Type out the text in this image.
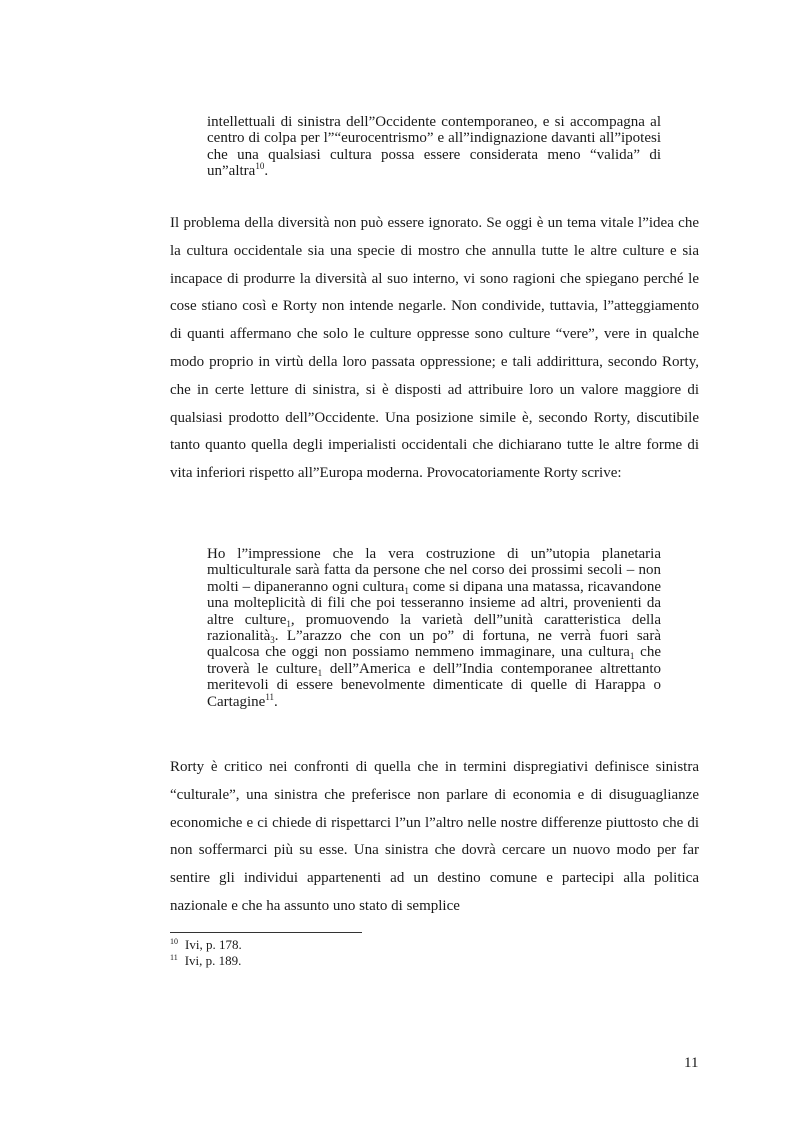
intellettuali di sinistra dell”Occidente contemporaneo, e si accompagna al centro di colpa per l”“eurocentrismo” e all”indignazione davanti all”ipotesi che una qualsiasi cultura possa essere considerata meno “valida” di un”altra$^{10}$.

Il problema della diversità non può essere ignorato. Se oggi è un tema vitale l”idea che la cultura occidentale sia una specie di mostro che annulla tutte le altre culture e sia incapace di produrre la diversità al suo interno, vi sono ragioni che spiegano perché le cose stiano così e Rorty non intende negarle. Non condivide, tuttavia, l”atteggiamento di quanti affermano che solo le culture oppresse sono culture “vere”, vere in qualche modo proprio in virtù della loro passata oppressione; e tali addirittura, secondo Rorty, che in certe letture di sinistra, si è disposti ad attribuire loro un valore maggiore di qualsiasi prodotto dell”Occidente. Una posizione simile è, secondo Rorty, discutibile tanto quanto quella degli imperialisti occidentali che dichiarano tutte le altre forme di vita inferiori rispetto all”Europa moderna. Provocatoriamente Rorty scrive:

Ho l”impressione che la vera costruzione di un”utopia planetaria multiculturale sarà fatta da persone che nel corso dei prossimi secoli – non molti – dipaneranno ogni cultura$_1$ come si dipana una matassa, ricavandone una molteplicità di fili che poi tesseranno insieme ad altri, provenienti da altre culture$_1$, promuovendo la varietà dell”unità caratteristica della razionalità$_3$. L”arazzo che con un po” di fortuna, ne verrà fuori sarà qualcosa che oggi non possiamo nemmeno immaginare, una cultura$_1$ che troverà le culture$_1$ dell”America e dell”India contemporanee altrettanto meritevoli di essere benevolmente dimenticate di quelle di Harappa o Cartagine$^{11}$.

Rorty è critico nei confronti di quella che in termini dispregiativi definisce sinistra “culturale”, una sinistra che preferisce non parlare di economia e di disuguaglianze economiche e ci chiede di rispettarci l”un l”altro nelle nostre differenze piuttosto che di non soffermarci più su esse. Una sinistra che dovrà cercare un nuovo modo per far sentire gli individui appartenenti ad un destino comune e partecipi alla politica nazionale e che ha assunto uno stato di semplice

$^{10}$ Ivi, p. 178.
$^{11}$ Ivi, p. 189.
11
